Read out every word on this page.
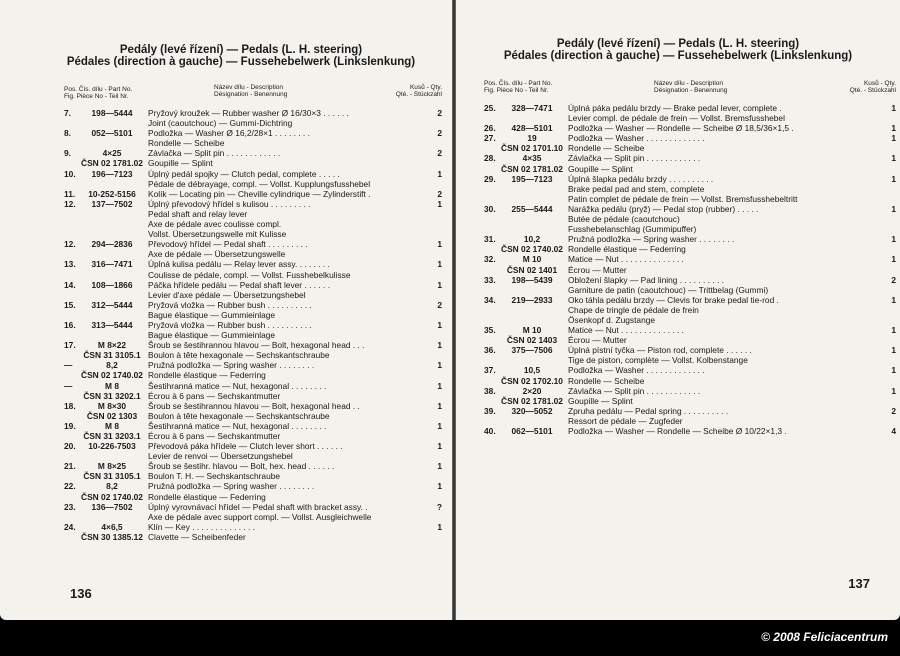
Pedály (levé řízení) — Pedals (L. H. steering)
Pédales (direction à gauche) — Fussehebelwerk (Linkslenkung)
Pos. Čís. dílu - Part No.
Fig. Pièce No - Teil Nr.
Název dílu - Description
Désignation - Benennung
Kusů - Qty.
Qté. - Stückzahl
7.	198—5444	Pryžový kroužek — Rubber washer Ø 16/30×3 . . . . . .	2
Joint (caoutchouc) — Gummi-Dichtring
8.	052—5101	Podložka — Washer Ø 16,2/28×1 . . . . . . . .	2
Rondelle — Scheibe
9.	4×25	Závlačka — Split pin . . . . . . . . . . . .	2
ČSN 02 1781.02 Goupille — Splint
10.	196—7123	Úplný pedál spojky — Clutch pedal, complete . . . . .	1
Pédale de débrayage, compl. — Vollst. Kupplungsfusshebel
11.	10-252-5156	Kolík — Locating pin — Cheville cylindrique — Zylinderstift .	2
12.	137—7502	Úplný převodový hřídel s kulisou . . . . . . . . .	1
Pedal shaft and relay lever
Axe de pédale avec coulisse compl.
Vollst. Übersetzungswelle mit Kulisse
12.	294—2836	Převodový hřídel — Pedal shaft . . . . . . . . .	1
Axe de pédale — Übersetzungswelle
13.	316—7471	Úplná kulisa pedálu — Relay lever assy. . . . . . . .	1
Coulisse de pédale, compl. — Vollst. Fusshebelkulisse
14.	108—1866	Páčka hřídele pedálu — Pedal shaft lever . . . . . .	1
Levier d'axe pédale — Übersetzungshebel
15.	312—5444	Pryžová vložka — Rubber bush . . . . . . . . . .	2
Bague élastique — Gummieinlage
16.	313—5444	Pryžová vložka — Rubber bush . . . . . . . . . .	1
Bague élastique — Gummieinlage
17.	M 8×22	Šroub se šestihrannou hlavou — Bolt, hexagonal head . . .	1
ČSN 31 3105.1 Boulon à tête hexagonale — Sechskantschraube
—	8,2	Pružná podložka — Spring washer . . . . . . . .	1
ČSN 02 1740.02 Rondelle élastique — Federring
—	M 8	Šestihranná matice — Nut, hexagonal . . . . . . . .	1
ČSN 31 3202.1 Écrou à 6 pans — Sechskantmutter
18.	M 8×30	Šroub se šestihrannou hlavou — Bolt, hexagonal head . .	1
ČSN 02 1303	Boulon à tête hexagonale — Sechskantschraube
19.	M 8	Šestihranná matice — Nut, hexagonal . . . . . . . .	1
ČSN 31 3203.1 Écrou à 6 pans — Sechskantmutter
20.	10-226-7503	Převodová páka hřídele — Clutch lever short . . . . . .	1
Levier de renvoi — Übersetzungshebel
21.	M 8×25	Šroub se šestihr. hlavou — Bolt, hex. head . . . . . .	1
ČSN 31 3105.1 Boulon T. H. — Sechskantschraube
22.	8,2	Pružná podložka — Spring washer . . . . . . . .	1
ČSN 02 1740.02 Rondelle élastique — Federring
23.	136—7502	Úplný vyrovnávací hřídel — Pedal shaft with bracket assy. .	?
Axe de pédale avec support compl. — Vollst. Ausgleichwelle
24.	4×6,5	Klín — Key . . . . . . . . . . . . . .	1
ČSN 30 1385.12 Clavette — Scheibenfeder
136
Pedály (levé řízení) — Pedals (L. H. steering)
Pédales (direction à gauche) — Fussehebelwerk (Linkslenkung)
Pos. Čís. dílu - Part No.
Fig. Pièce No - Teil Nr.
Název dílu - Description
Désignation - Benennung
Kusů - Qty.
Qté. - Stückzahl
25.	328—7471	Úplná páka pedálu brzdy — Brake pedal lever, complete .	1
Levier compl. de pédale de frein — Vollst. Bremsfusshebel
26.	428—5101	Podložka — Washer — Rondelle — Scheibe Ø 18,5/36×1,5 .	1
27.	19	Podložka — Washer . . . . . . . . . . . . .	1
ČSN 02 1701.10 Rondelle — Scheibe
28.	4×35	Závlačka — Split pin . . . . . . . . . . . .	1
ČSN 02 1781.02 Goupille — Splint
29.	195—7123	Úplná šlapka pedálu brzdy . . . . . . . . . .	1
Brake pedal pad and stem, complete
Patin complet de pédale de frein — Vollst. Bremsfusshebeltritt
30.	255—5444	Narážka pedálu (pryž) — Pedal stop (rubber) . . . . .	1
Butée de pédale (caoutchouc)
Fusshebelanschlag (Gummipuffer)
31.	10,2	Pružná podložka — Spring washer . . . . . . . .	1
ČSN 02 1740.02 Rondelle élastique — Federring
32.	M 10	Matice — Nut . . . . . . . . . . . . . .	1
ČSN 02 1401	Écrou — Mutter
33.	198—5439	Obložení šlapky — Pad lining . . . . . . . . . .	2
Garniture de patin (caoutchouc) — Trittbelag (Gummi)
34.	219—2933	Oko táhla pedálu brzdy — Clevis for brake pedal tie-rod .	1
Chape de tringle de pédale de frein
Ösenkopf d. Zugstange
35.	M 10	Matice — Nut . . . . . . . . . . . . . .	1
ČSN 02 1403	Écrou — Mutter
36.	375—7506	Úplná pístní tyčka — Piston rod, complete . . . . . .	1
Tige de piston, complète — Vollst. Kolbenstange
37.	10,5	Podložka — Washer . . . . . . . . . . . . .	1
ČSN 02 1702.10 Rondelle — Scheibe
38.	2×20	Závlačka — Split pin . . . . . . . . . . . .	1
ČSN 02 1781.02 Goupille — Splint
39.	320—5052	Zpruha pedálu — Pedal spring . . . . . . . . . .	2
Ressort de pédale — Zugfeder
40.	062—5101	Podložka — Washer — Rondelle — Scheibe Ø 10/22×1,3 .	4
137
© 2008 Feliciacentrum
